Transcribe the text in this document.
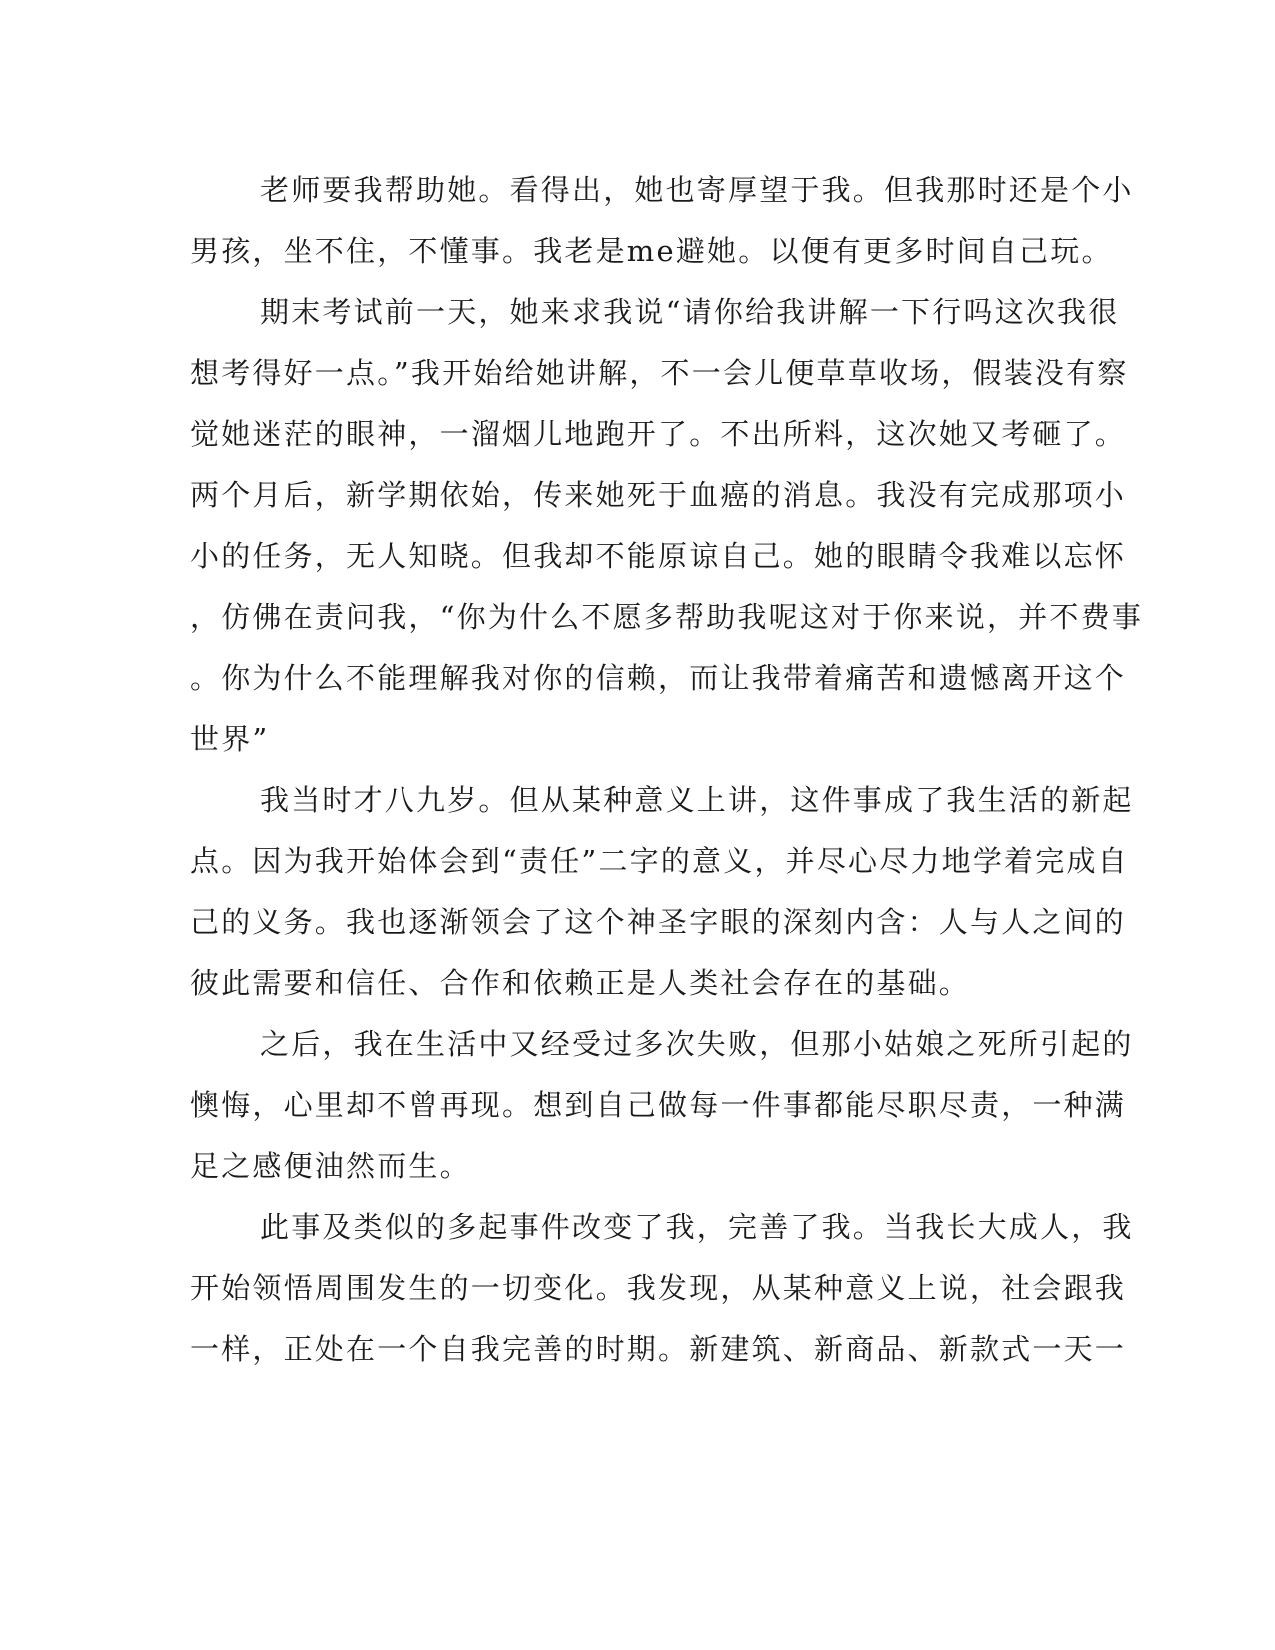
老师要我帮助她。看得出，她也寄厚望于我。但我那时还是个小
男孩，坐不住，不懂事。我老是me避她。以便有更多时间自己玩。
期末考试前一天，她来求我说“请你给我讲解一下行吗这次我很
想考得好一点。”我开始给她讲解，不一会儿便草草收场，假装没有察
觉她迷茫的眼神，一溜烟儿地跑开了。不出所料，这次她又考砸了。
两个月后，新学期依始，传来她死于血癌的消息。我没有完成那项小
小的任务，无人知晓。但我却不能原谅自己。她的眼睛令我难以忘怀
，仿佛在责问我，“你为什么不愿多帮助我呢这对于你来说，并不费事
。你为什么不能理解我对你的信赖，而让我带着痛苦和遗憾离开这个
世界”
我当时才八九岁。但从某种意义上讲，这件事成了我生活的新起
点。因为我开始体会到“责任”二字的意义，并尽心尽力地学着完成自
己的义务。我也逐渐领会了这个神圣字眼的深刻内含：人与人之间的
彼此需要和信任、合作和依赖正是人类社会存在的基础。
之后，我在生活中又经受过多次失败，但那小姑娘之死所引起的
懊悔，心里却不曾再现。想到自己做每一件事都能尽职尽责，一种满
足之感便油然而生。
此事及类似的多起事件改变了我，完善了我。当我长大成人，我
开始领悟周围发生的一切变化。我发现，从某种意义上说，社会跟我
一样，正处在一个自我完善的时期。新建筑、新商品、新款式一天一
